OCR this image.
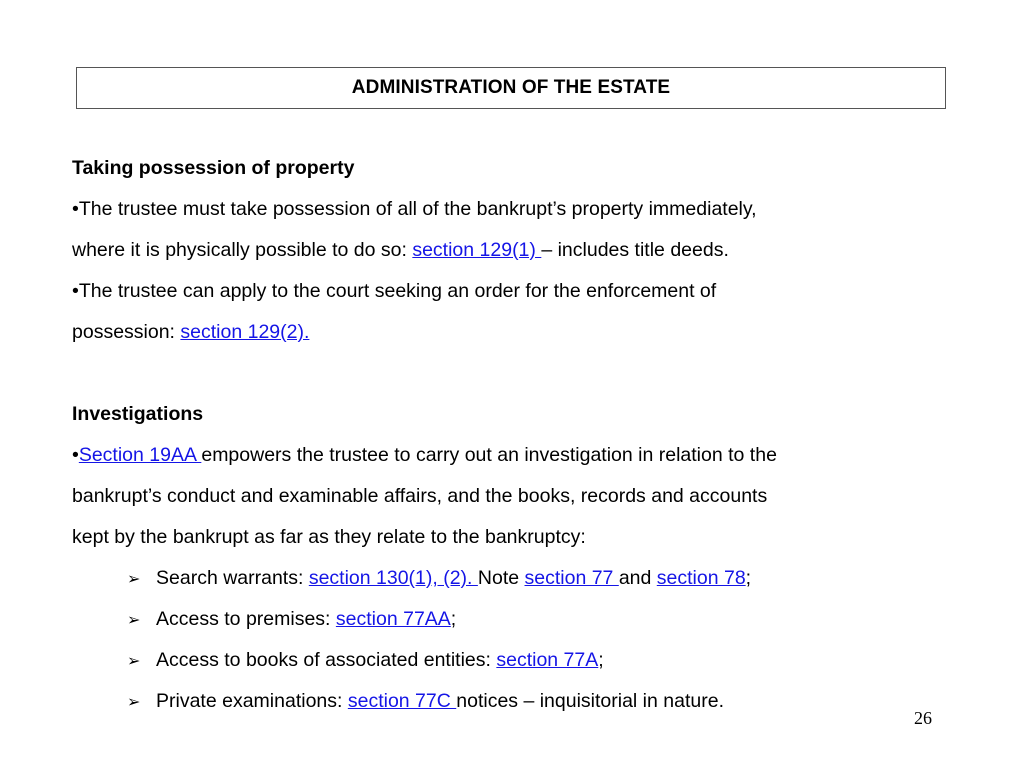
ADMINISTRATION OF THE ESTATE
Taking possession of property
•The trustee must take possession of all of the bankrupt’s property immediately,
where it is physically possible to do so: section 129(1) – includes title deeds.
•The trustee can apply to the court seeking an order for the enforcement of
possession: section 129(2).
Investigations
•Section 19AA empowers the trustee to carry out an investigation in relation to the
bankrupt’s conduct and examinable affairs, and the books, records and accounts
kept by the bankrupt as far as they relate to the bankruptcy:
➢ Search warrants: section 130(1), (2). Note section 77 and section 78;
➢ Access to premises: section 77AA;
➢ Access to books of associated entities: section 77A;
➢ Private examinations: section 77C notices – inquisitorial in nature.
26
